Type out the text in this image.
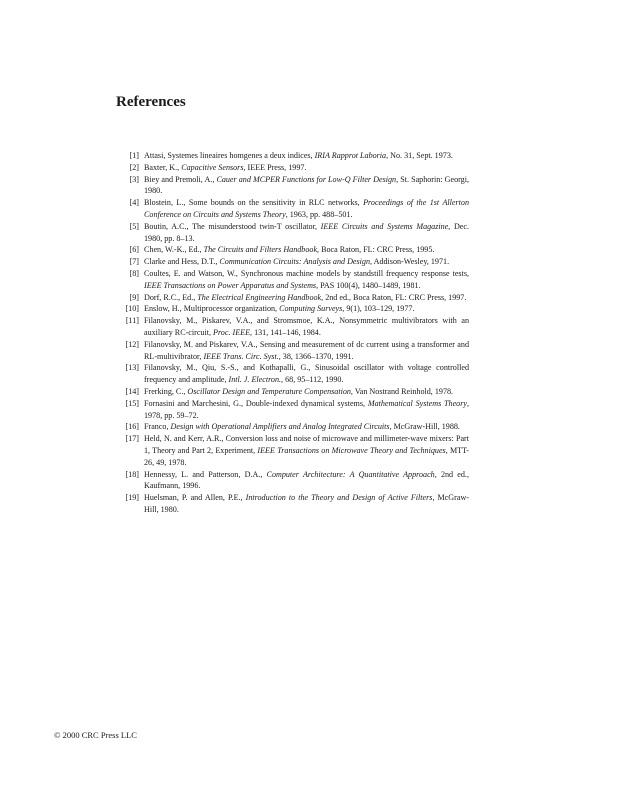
References
[1] Attasi, Systemes lineaires homgenes a deux indices, IRIA Rapprot Laboria, No. 31, Sept. 1973.
[2] Baxter, K., Capacitive Sensors, IEEE Press, 1997.
[3] Biey and Premoli, A., Cauer and MCPER Functions for Low-Q Filter Design, St. Saphorin: Georgi, 1980.
[4] Blostein, L., Some bounds on the sensitivity in RLC networks, Proceedings of the 1st Allerton Conference on Circuits and Systems Theory, 1963, pp. 488–501.
[5] Boutin, A.C., The misunderstood twin-T oscillator, IEEE Circuits and Systems Magazine, Dec. 1980, pp. 8–13.
[6] Chen, W.-K., Ed., The Circuits and Filters Handbook, Boca Raton, FL: CRC Press, 1995.
[7] Clarke and Hess, D.T., Communication Circuits: Analysis and Design, Addison-Wesley, 1971.
[8] Coultes, E. and Watson, W., Synchronous machine models by standstill frequency response tests, IEEE Transactions on Power Apparatus and Systems, PAS 100(4), 1480–1489, 1981.
[9] Dorf, R.C., Ed., The Electrical Engineering Handbook, 2nd ed., Boca Raton, FL: CRC Press, 1997.
[10] Enslow, H., Multiprocessor organization, Computing Surveys, 9(1), 103–129, 1977.
[11] Filanovsky, M., Piskarev, V.A., and Stromsmoe, K.A., Nonsymmetric multivibrators with an auxiliary RC-circuit, Proc. IEEE, 131, 141–146, 1984.
[12] Filanovsky, M. and Piskarev, V.A., Sensing and measurement of dc current using a transformer and RL-multivibrator, IEEE Trans. Circ. Syst., 38, 1366–1370, 1991.
[13] Filanovsky, M., Qiu, S.-S., and Kothapalli, G., Sinusoidal oscillator with voltage controlled frequency and amplitude, Intl. J. Electron., 68, 95–112, 1990.
[14] Frerking, C., Oscillator Design and Temperature Compensation, Van Nostrand Reinhold, 1978.
[15] Fornasini and Marchesini, G., Double-indexed dynamical systems, Mathematical Systems Theory, 1978, pp. 59–72.
[16] Franco, Design with Operational Amplifiers and Analog Integrated Circuits, McGraw-Hill, 1988.
[17] Held, N. and Kerr, A.R., Conversion loss and noise of microwave and millimeter-wave mixers: Part 1, Theory and Part 2, Experiment, IEEE Transactions on Microwave Theory and Techniques, MTT-26, 49, 1978.
[18] Hennessy, L. and Patterson, D.A., Computer Architecture: A Quantitative Approach, 2nd ed., Kaufmann, 1996.
[19] Huelsman, P. and Allen, P.E., Introduction to the Theory and Design of Active Filters, McGraw-Hill, 1980.

© 2000 CRC Press LLC
